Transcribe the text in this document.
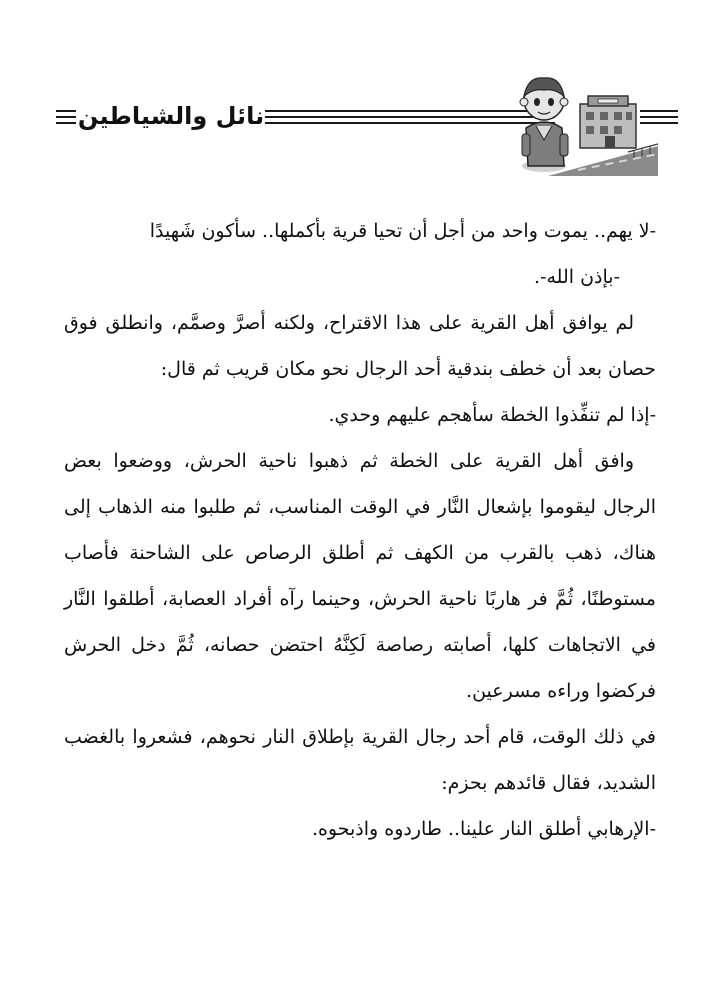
نائل والشياطين

-لا يهم.. يموت واحد من أجل أن تحيا قرية بأكملها.. سأكون شَهيدًا

-بإذن الله-.

لم يوافق أهل القرية على هذا الاقتراح، ولكنه أصرَّ وصمَّم، وانطلق فوق حصان بعد أن خطف بندقية أحد الرجال نحو مكان قريب ثم قال:

-إذا لم تنفِّذوا الخطة سأهجم عليهم وحدي.

وافق أهل القرية على الخطة ثم ذهبوا ناحية الحرش، ووضعوا بعض الرجال ليقوموا بإشعال النَّار في الوقت المناسب، ثم طلبوا منه الذهاب إلى هناك، ذهب بالقرب من الكهف ثم أطلق الرصاص على الشاحنة فأصاب مستوطنًا، ثُمَّ فر هاربًا ناحية الحرش، وحينما رآه أفراد العصابة، أطلقوا النَّار في الاتجاهات كلها، أصابته رصاصة لَكِنَّهُ احتضن حصانه، ثُمَّ دخل الحرش فركضوا وراءه مسرعين.

في ذلك الوقت، قام أحد رجال القرية بإطلاق النار نحوهم، فشعروا بالغضب الشديد، فقال قائدهم بحزم:

-الإرهابي أطلق النار علينا.. طاردوه واذبحوه.
